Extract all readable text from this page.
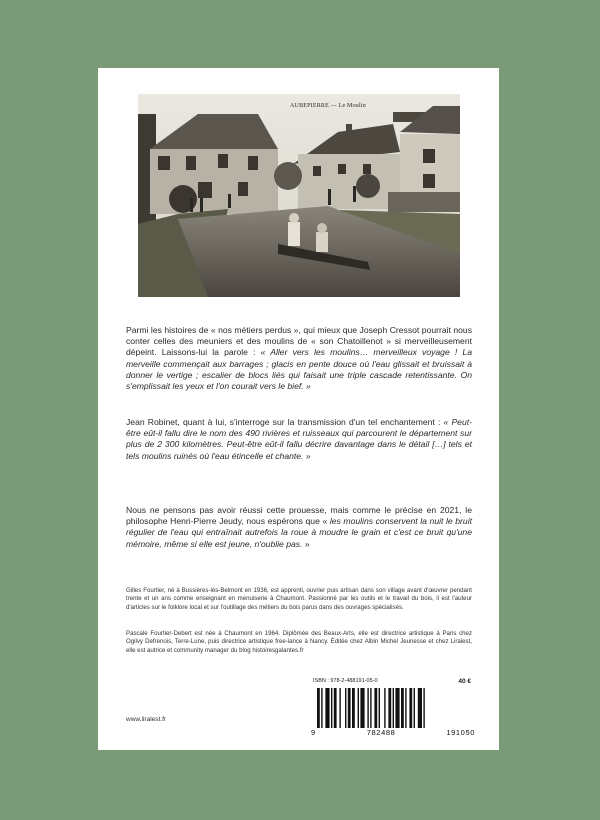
AUBEPIERRE — Le Moulin

Parmi les histoires de « nos métiers perdus », qui mieux que Joseph Cressot pourrait nous conter celles des meuniers et des moulins de « son Chatoillenot » si merveilleusement dépeint. Laissons-lui la parole : « Aller vers les moulins… merveilleux voyage ! La merveille commençait aux barrages ; glacis en pente douce où l'eau glissait et bruissait à donner le vertige ; escalier de blocs liés qui faisait une triple cascade retentissante. On s'emplissait les yeux et l'on courait vers le bief. »

Jean Robinet, quant à lui, s'interroge sur la transmission d'un tel enchantement : « Peut-être eût-il fallu dire le nom des 490 rivières et ruisseaux qui parcourent le département sur plus de 2 300 kilomètres. Peut-être eût-il fallu décrire davantage dans le détail […] tels et tels moulins ruinés où l'eau étincelle et chante. »

Nous ne pensons pas avoir réussi cette prouesse, mais comme le précise en 2021, le philosophe Henri-Pierre Jeudy, nous espérons que « les moulins conservent la nuit le bruit régulier de l'eau qui entraînait autrefois la roue à moudre le grain et c'est ce bruit qu'une mémoire, même si elle est jeune, n'oublie pas. »

Gilles Fourtier, né à Bussières-lès-Belmont en 1936, est apprenti, ouvrier puis artisan dans son village avant d'œuvrer pendant trente et un ans comme enseignant en menuiserie à Chaumont. Passionné par les outils et le travail du bois, il est l'auteur d'articles sur le folklore local et sur l'outillage des métiers du bois parus dans des ouvrages spécialisés.
Pascale Fourtier-Debert est née à Chaumont en 1964. Diplômée des Beaux-Arts, elle est directrice artistique à Paris chez Ogilvy Defrenois, Terre-Lune, puis directrice artistique free-lance à Nancy. Éditée chez Albin Michel Jeunesse et chez Liralest, elle est autrice et community manager du blog histoiresgalantes.fr
ISBN : 978-2-488191-05-0	40 €
9	782488	191050
www.liralest.fr
